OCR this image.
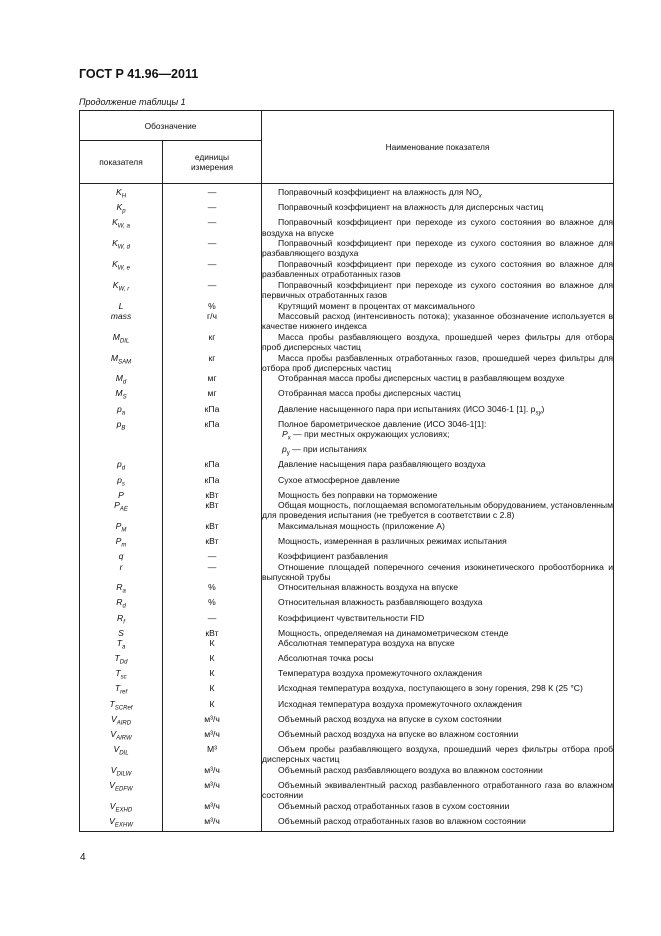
ГОСТ Р 41.96—2011
Продолжение таблицы 1
Обозначение		Наименование показателя
показателя	единицы
измерения	
$K_H$	—	Поправочный коэффициент на влажность для $NO_x$

$K_p$	—	Поправочный коэффициент на влажность для дисперсных частиц

$K_{W, a}$	—	Поправочный коэффициент при переходе из сухого состояния во влажное для воздуха на впуске

$K_{W, d}$	—	Поправочный коэффициент при переходе из сухого состояния во влажное для разбавляющего воздуха

$K_{W, e}$	—	Поправочный коэффициент при переходе из сухого состояния во влажное для разбавленных отработанных газов

$K_{W, r}$	—	Поправочный коэффициент при переходе из сухого состояния во влажное для первичных отработанных газов

L	%	Крутящий момент в процентах от максимального

mass	г/ч	Массовый расход (интенсивность потока); указанное обозначение используется в качестве нижнего индекса

$M_{DIL}$	кг	Масса пробы разбавляющего воздуха, прошедшей через фильтры для отбора проб дисперсных частиц

$M_{SAM}$	кг	Масса пробы разбавленных отработанных газов, прошедшей через фильтры для отбора проб дисперсных частиц

$M_d$	мг	Отобранная масса пробы дисперсных частиц в разбавляющем воздухе

$M_S$	мг	Отобранная масса пробы дисперсных частиц

$p_a$	кПа	Давление насыщенного пара при испытаниях (ИСО 3046-1 [1]. $p_{sy}$)

$p_B$	кПа	Полное барометрическое давление (ИСО 3046-1[1]:
$P_x$ — при местных окружающих условиях;
$p_y$ — при испытаниях

$p_d$	кПа	Давление насыщения пара разбавляющего воздуха

$p_s$	кПа	Сухое атмосферное давление

P	кВт	Мощность без поправки на торможение

$P_{AE}$	кВт	Общая мощность, поглощаемая вспомогательным оборудованием, установленным для проведения испытания (не требуется в соответствии с 2.8)

$P_M$	кВт	Максимальная мощность (приложение А)

$P_m$	кВт	Мощность, измеренная в различных режимах испытания

q	—	Коэффициент разбавления

r	—	Отношение площадей поперечного сечения изокинетического пробоотборника и выпускной трубы

$R_a$	%	Относительная влажность воздуха на впуске

$R_d$	%	Относительная влажность разбавляющего воздуха

$R_f$	—	Коэффициент чувствительности FID

S	кВт	Мощность, определяемая на динамометрическом стенде

$T_a$	К	Абсолютная температура воздуха на впуске

$T_{Dd}$	К	Абсолютная точка росы

$T_{sc}$	К	Температура воздуха промежуточного охлаждения

$T_{ref}$	К	Исходная температура воздуха, поступающего в зону горения, 298 К (25 °С)

$T_{SCRef}$	К	Исходная температура воздуха промежуточного охлаждения

$V_{AIRD}$	м³/ч	Объемный расход воздуха на впуске в сухом состоянии

$V_{AIRW}$	м³/ч	Объемный расход воздуха на впуске во влажном состоянии

$V_{DIL}$	М³	Объем пробы разбавляющего воздуха, прошедший через фильтры отбора проб дисперсных частиц

$V_{DILW}$	м³/ч	Объемный расход разбавляющего воздуха во влажном состоянии

$V_{EDFW}$	м³/ч	Объемный эквивалентный расход разбавленного отработанного газа во влажном состоянии

$V_{EXHD}$	м³/ч	Объемный расход отработанных газов в сухом состоянии

$V_{EXHW}$	м³/ч	Объемный расход отработанных газов во влажном состоянии
4
